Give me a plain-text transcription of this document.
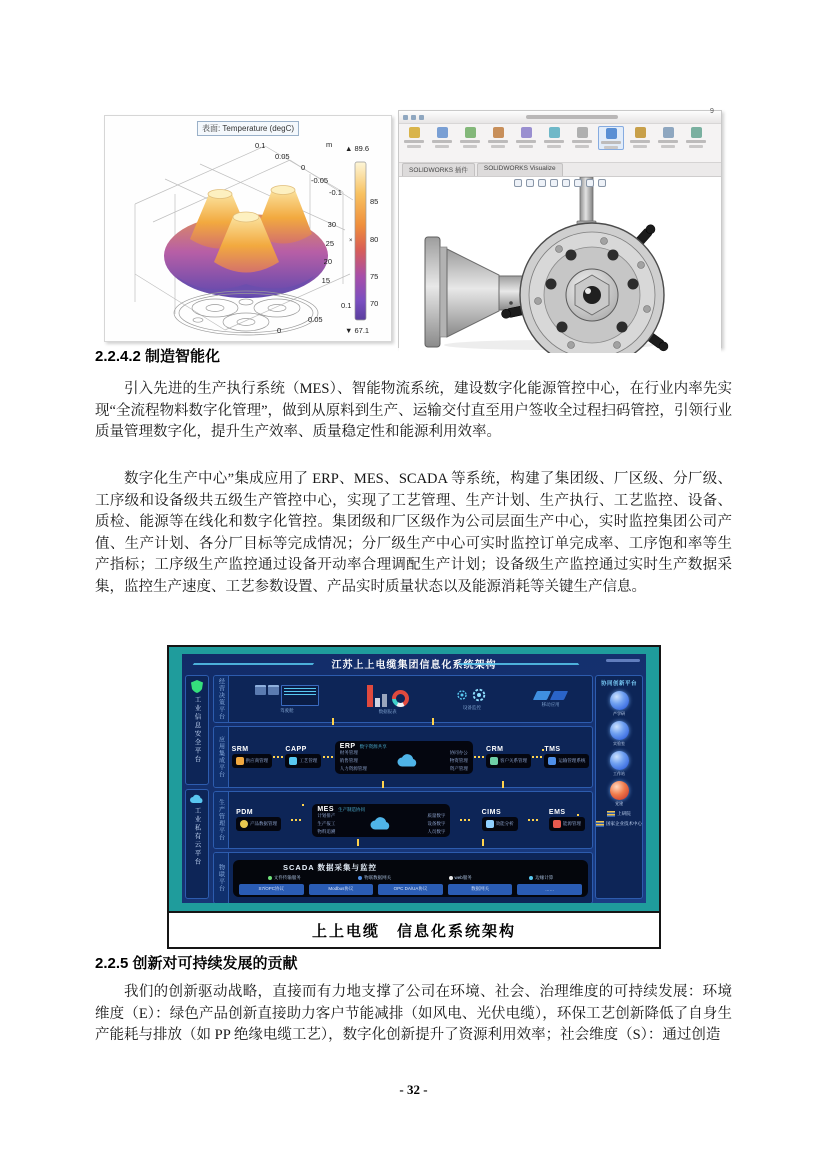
表面: Temperature (degC)
▲ 89.6
85
80
×
75
70
▼ 67.1
0.1
0.05
0
-0.05
-0.1
m
30
25
20
15
0.1
0.05
0
SOLIDWORKS 插件	SOLIDWORKS Visualize
9
2.2.4.2 制造智能化
引入先进的生产执行系统（MES）、智能物流系统，建设数字化能源管控中心，在行业内率先实现“全流程物料数字化管理”，做到从原料到生产、运输交付直至用户签收全过程扫码管控，引领行业质量管理数字化，提升生产效率、质量稳定性和能源利用效率。
数字化生产中心”集成应用了 ERP、MES、SCADA 等系统，构建了集团级、厂区级、分厂级、工序级和设备级共五级生产管控中心，实现了工艺管理、生产计划、生产执行、工艺监控、设备、质检、能源等在线化和数字化管控。集团级和厂区级作为公司层面生产中心，实时监控集团公司产值、生产计划、各分厂目标等完成情况；分厂级生产中心可实时监控订单完成率、工序饱和率等生产指标；工序级生产监控通过设备开动率合理调配生产计划；设备级生产监控通过实时生产数据采集，监控生产速度、工艺参数设置、产品实时质量状态以及能源消耗等关键生产信息。
江苏上上电缆集团信息化系统架构
工业信息安全平台
工业私有云平台
经营决策平台	驾驶舱	数据报表
设备监控
移动应用
应用集成平台	SRM
供应商管理
CAPP
工艺管理
ERP 数字资源共享
财务管理
销售管理
人力资源管理
协同办公
物资管理
资产管理
CRM
客户关系管理
TMS
运输管理系统
生产管理平台	PDM
产品数据管理
MES 生产制造协同
计划排产
生产报工
物料追溯
质量数字
设备数字
人员数字
CIMS
效能分析
EMS
能源管理
物联平台	SCADA 数据采集与监控
文件传输服务	物联数据网关	web服务	边缘计算
S7/OPC协议	Modbus协议	OPC DA/UA协议	数据网关	……
协同创新平台
产学研
实验室
工作站
党建
上研院
国家企业技术中心
上上电缆　信息化系统架构
2.2.5 创新对可持续发展的贡献
我们的创新驱动战略，直接而有力地支撑了公司在环境、社会、治理维度的可持续发展：环境维度（E）：绿色产品创新直接助力客户节能减排（如风电、光伏电缆），环保工艺创新降低了自身生产能耗与排放（如 PP 绝缘电缆工艺），数字化创新提升了资源利用效率；社会维度（S）：通过创造
- 32 -
